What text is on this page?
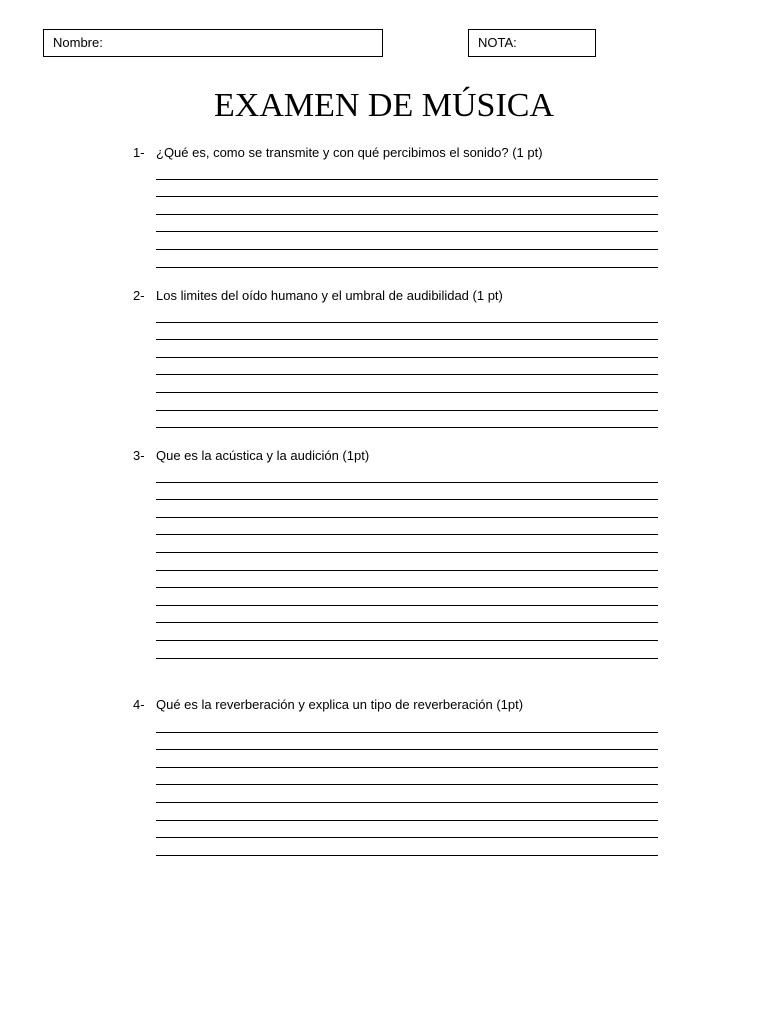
Nombre:	NOTA:
EXAMEN DE MÚSICA
1- ¿Qué es, como se transmite y con qué percibimos el sonido? (1 pt)
2- Los limites del oído humano y el umbral de audibilidad (1 pt)
3- Que es la acústica y la audición (1pt)
4- Qué es la reverberación y explica un tipo de reverberación (1pt)
